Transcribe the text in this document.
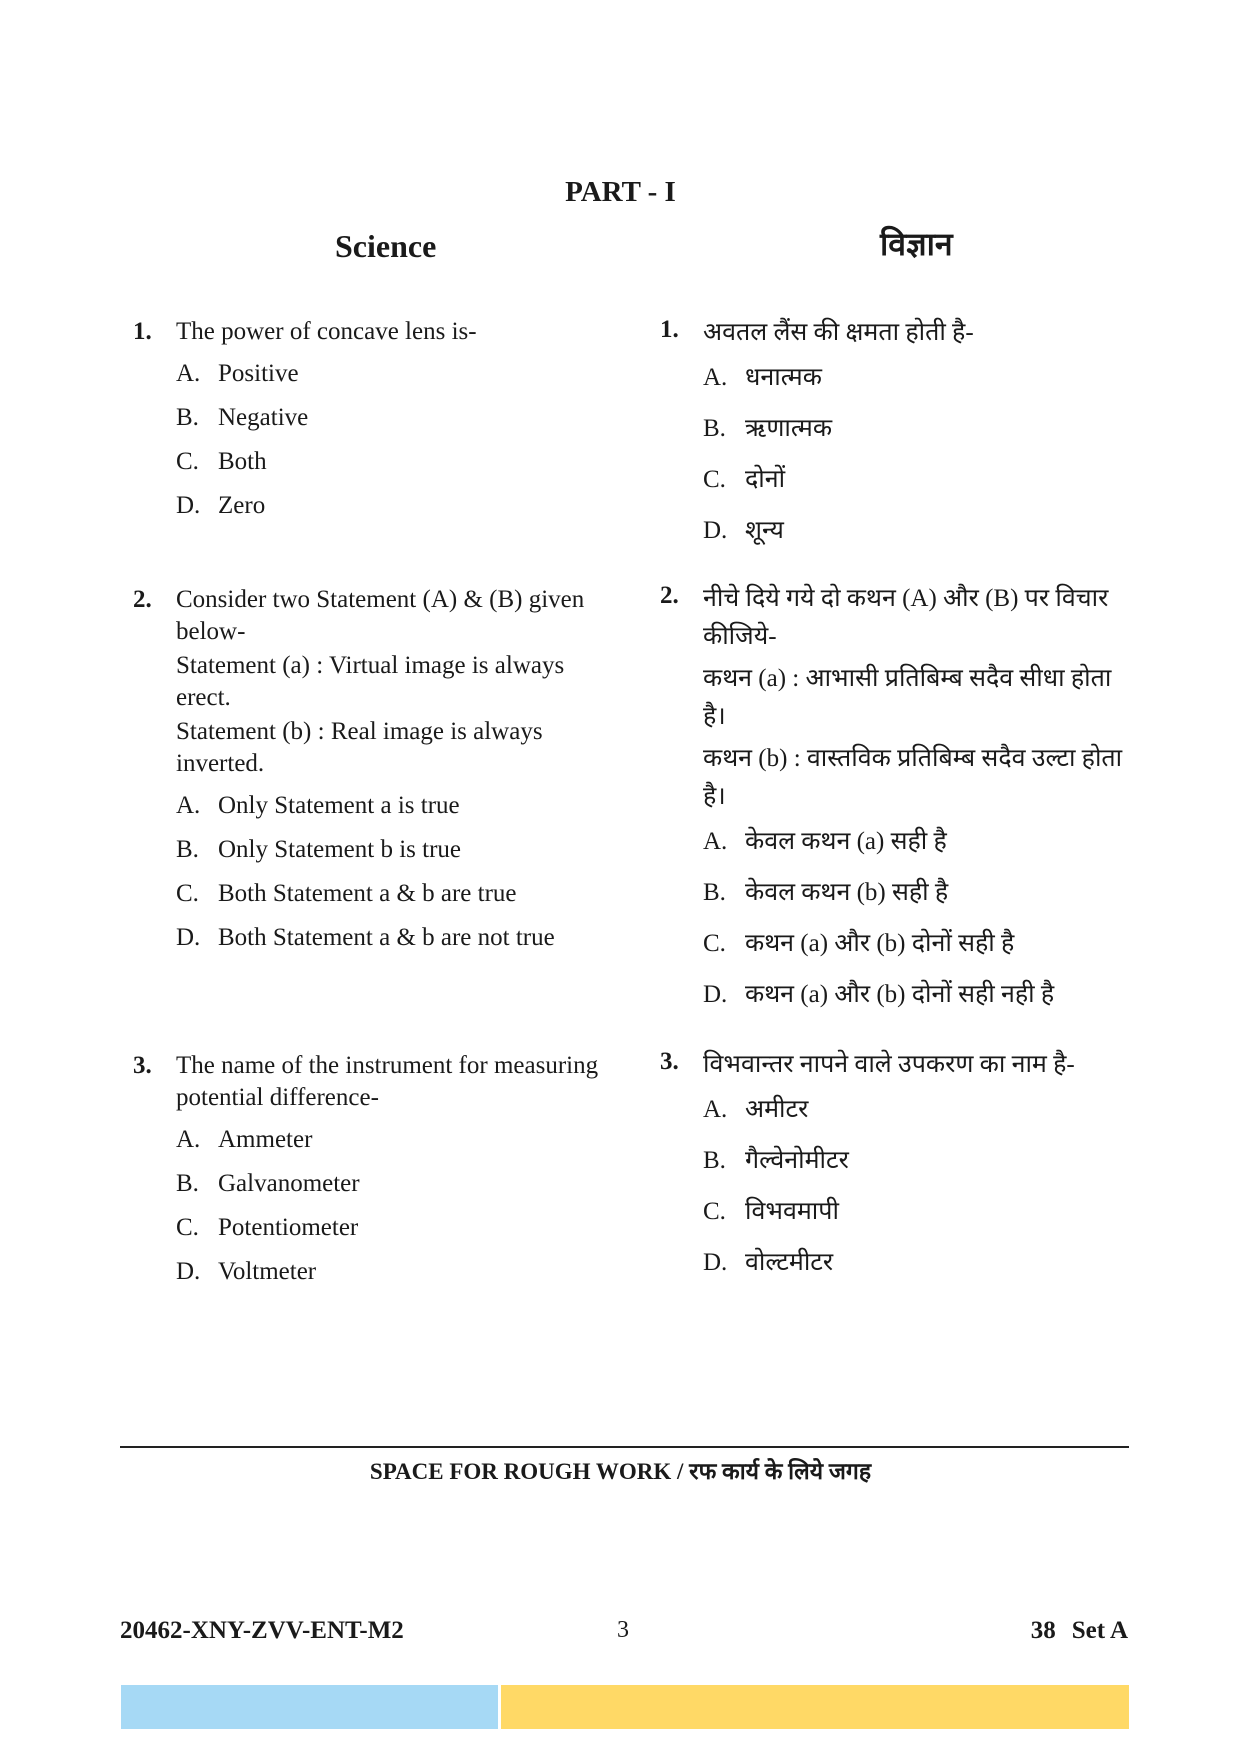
PART - I
Science	विज्ञान
1. The power of concave lens is-
A. Positive
B. Negative
C. Both
D. Zero
2. Consider two Statement (A) & (B) given below-
Statement (a) : Virtual image is always erect.
Statement (b) : Real image is always inverted.
A. Only Statement a is true
B. Only Statement b is true
C. Both Statement a & b are true
D. Both Statement a & b are not true
3. The name of the instrument for measuring potential difference-
A. Ammeter
B. Galvanometer
C. Potentiometer
D. Voltmeter
1. अवतल लैंस की क्षमता होती है-
A. धनात्मक
B. ऋणात्मक
C. दोनों
D. शून्य
2. नीचे दिये गये दो कथन (A) और (B) पर विचार कीजिये-
कथन (a) : आभासी प्रतिबिम्ब सदैव सीधा होता है।
कथन (b) : वास्तविक प्रतिबिम्ब सदैव उल्टा होता है।
A. केवल कथन (a) सही है
B. केवल कथन (b) सही है
C. कथन (a) और (b) दोनों सही है
D. कथन (a) और (b) दोनों सही नही है
3. विभवान्तर नापने वाले उपकरण का नाम है-
A. अमीटर
B. गैल्वेनोमीटर
C. विभवमापी
D. वोल्टमीटर
SPACE FOR ROUGH WORK / रफ कार्य के लिये जगह
20462-XNY-ZVV-ENT-M2	3	38 Set A
